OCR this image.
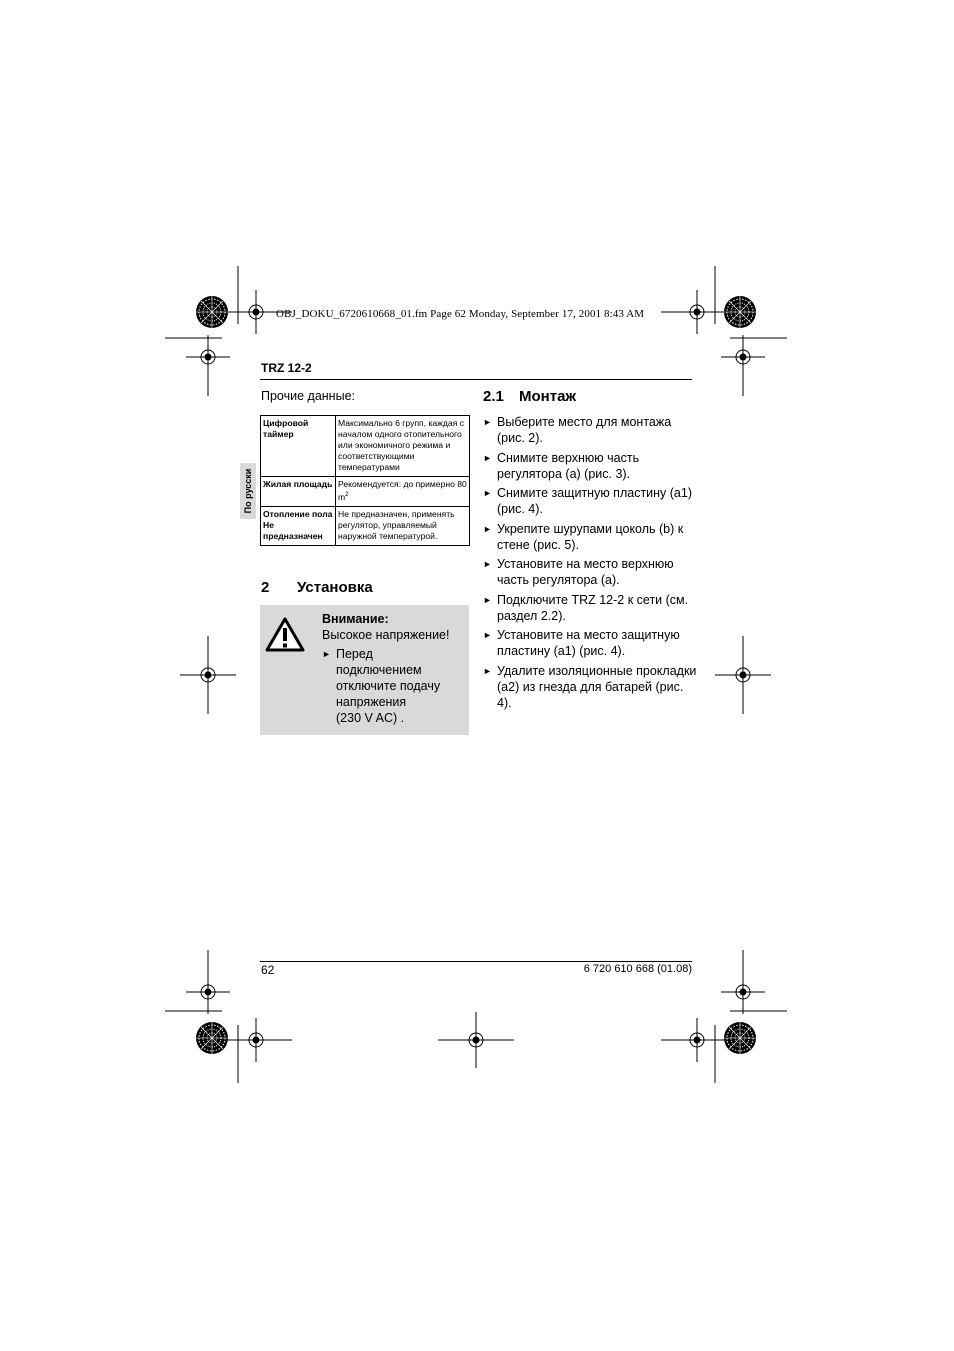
OBJ_DOKU_6720610668_01.fm Page 62 Monday, September 17, 2001 8:43 AM
TRZ 12-2
По русски
Прочие данные:
Цифровой таймер	Максимально 6 групп, каждая с началом одного отопительного или экономичного режима и соответствующими температурами
Жилая площадь	Рекомендуется: до примерно 80 $m^2$
Отопление пола Не предназначен	Не предназначен, применять регулятор, управляемый наружной температурой.
2 Установка
Внимание:
Высокое напряжение!
► Перед
подключением
отключите подачу
напряжения
(230 V AC) .
2.1 Монтаж
► Выберите место для монтажа (рис. 2).
► Снимите верхнюю часть регулятора (a) (рис. 3).
► Снимите защитную пластину (a1) (рис. 4).
► Укрепите шурупами цоколь (b) к стене (рис. 5).
► Установите на место верхнюю часть регулятора (a).
► Подключите TRZ 12-2 к сети (см. раздел 2.2).
► Установите на место защитную пластину (a1) (рис. 4).
► Удалите изоляционные прокладки (a2) из гнезда для батарей (рис. 4).
62	6 720 610 668 (01.08)
